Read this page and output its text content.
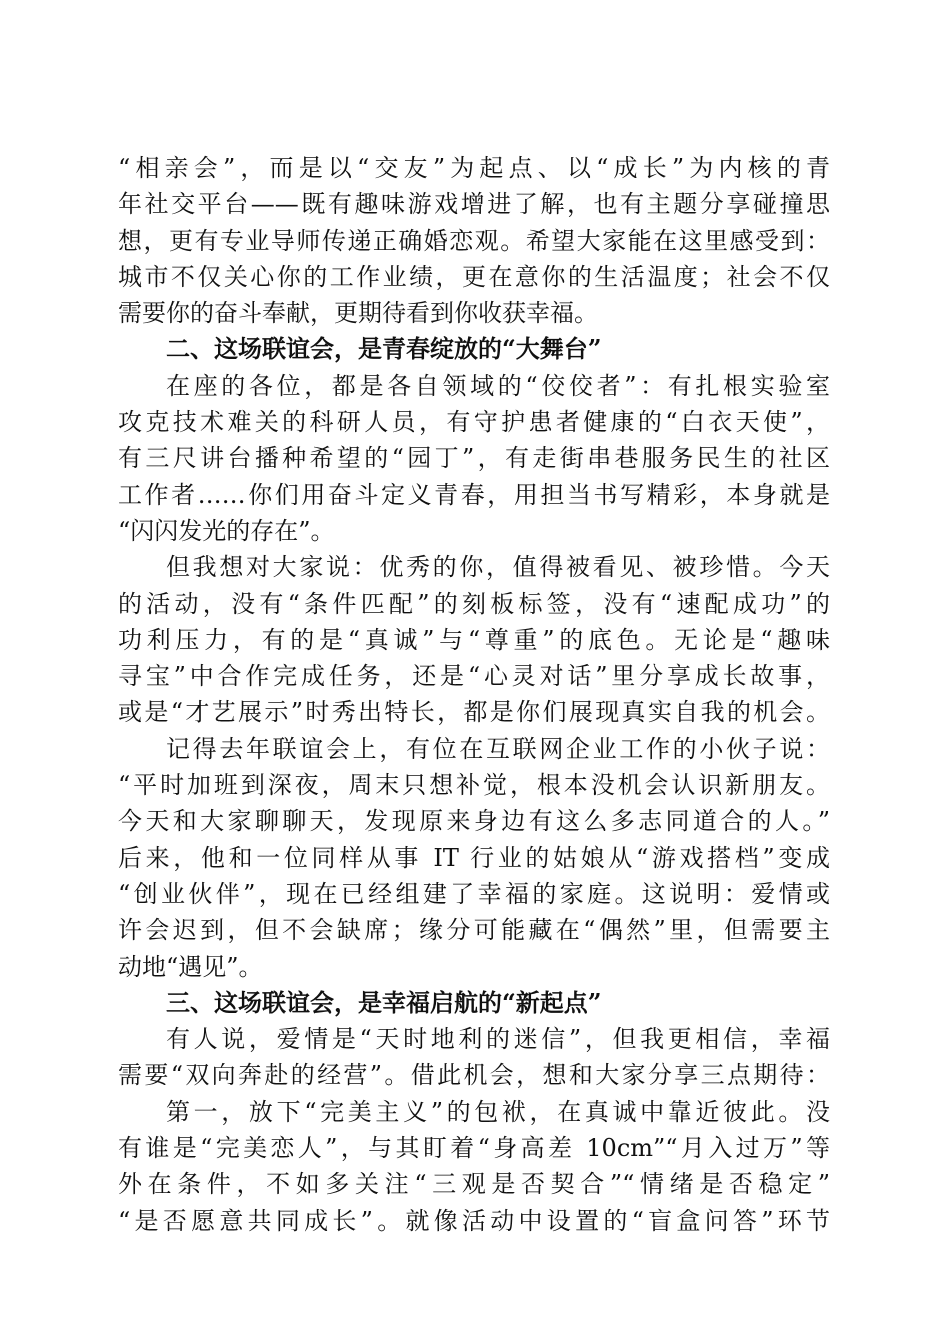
“相亲会”，而是以“交友”为起点、以“成长”为内核的青
年社交平台——既有趣味游戏增进了解，也有主题分享碰撞思
想，更有专业导师传递正确婚恋观。希望大家能在这里感受到：
城市不仅关心你的工作业绩，更在意你的生活温度；社会不仅
需要你的奋斗奉献，更期待看到你收获幸福。
二、这场联谊会，是青春绽放的“大舞台”
在座的各位，都是各自领域的“佼佼者”：有扎根实验室
攻克技术难关的科研人员，有守护患者健康的“白衣天使”，
有三尺讲台播种希望的“园丁”，有走街串巷服务民生的社区
工作者……你们用奋斗定义青春，用担当书写精彩，本身就是
“闪闪发光的存在”。
但我想对大家说：优秀的你，值得被看见、被珍惜。今天
的活动，没有“条件匹配”的刻板标签，没有“速配成功”的
功利压力，有的是“真诚”与“尊重”的底色。无论是“趣味
寻宝”中合作完成任务，还是“心灵对话”里分享成长故事，
或是“才艺展示”时秀出特长，都是你们展现真实自我的机会。
记得去年联谊会上，有位在互联网企业工作的小伙子说：
“平时加班到深夜，周末只想补觉，根本没机会认识新朋友。
今天和大家聊聊天，发现原来身边有这么多志同道合的人。”
后来，他和一位同样从事 IT 行业的姑娘从“游戏搭档”变成
“创业伙伴”，现在已经组建了幸福的家庭。这说明：爱情或
许会迟到，但不会缺席；缘分可能藏在“偶然”里，但需要主
动地“遇见”。
三、这场联谊会，是幸福启航的“新起点”
有人说，爱情是“天时地利的迷信”，但我更相信，幸福
需要“双向奔赴的经营”。借此机会，想和大家分享三点期待：
第一，放下“完美主义”的包袱，在真诚中靠近彼此。没
有谁是“完美恋人”，与其盯着“身高差 10cm”“月入过万”等
外在条件，不如多关注“三观是否契合”“情绪是否稳定”
“是否愿意共同成长”。就像活动中设置的“盲盒问答”环节
